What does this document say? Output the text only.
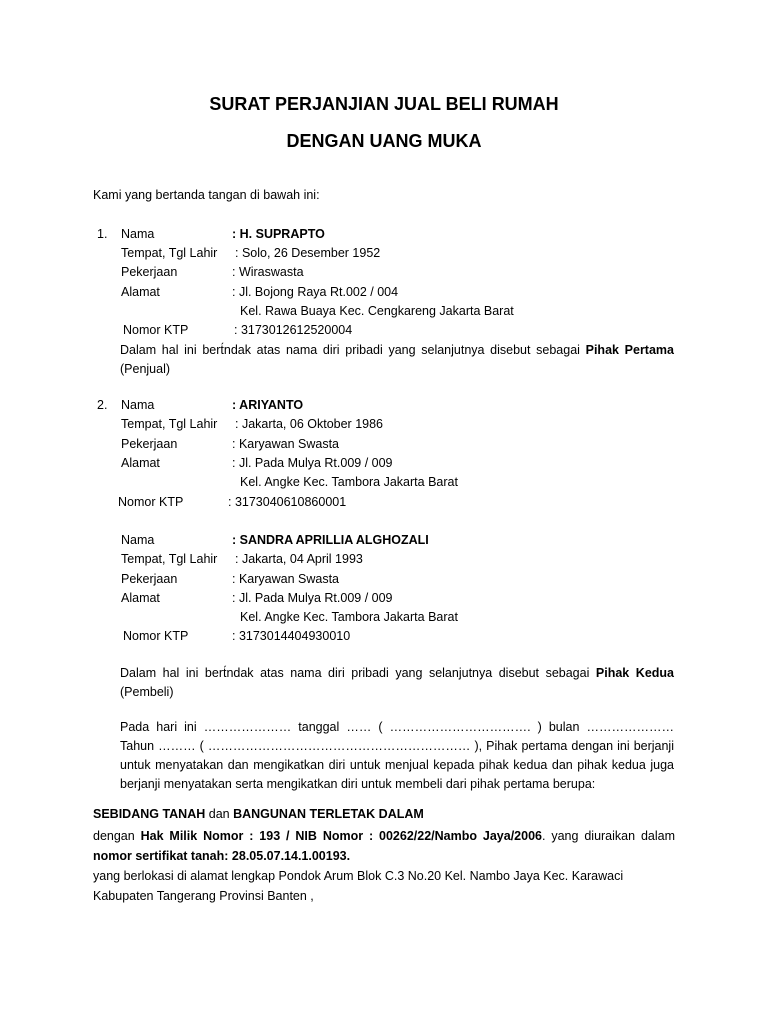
SURAT PERJANJIAN JUAL BELI RUMAH
DENGAN UANG MUKA
Kami yang bertanda tangan di bawah ini:
1. Nama	: H. SUPRAPTO
Tempat, Tgl Lahir : Solo, 26 Desember 1952
Pekerjaan	: Wiraswasta
Alamat	: Jl. Bojong Raya Rt.002 / 004
Kel. Rawa Buaya Kec. Cengkareng Jakarta Barat
Nomor KTP	: 3173012612520004
Dalam hal ini bert́ndak atas nama diri pribadi yang selanjutnya disebut sebagai Pihak Pertama (Penjual)
2. Nama	: ARIYANTO
Tempat, Tgl Lahir : Jakarta, 06 Oktober 1986
Pekerjaan	: Karyawan Swasta
Alamat	: Jl. Pada Mulya Rt.009 / 009
Kel. Angke Kec. Tambora Jakarta Barat
Nomor KTP	: 3173040610860001
Nama	: SANDRA APRILLIA ALGHOZALI
Tempat, Tgl Lahir : Jakarta, 04 April 1993
Pekerjaan	: Karyawan Swasta
Alamat	: Jl. Pada Mulya Rt.009 / 009
Kel. Angke Kec. Tambora Jakarta Barat
Nomor KTP	: 3173014404930010
Dalam hal ini bert́ndak atas nama diri pribadi yang selanjutnya disebut sebagai Pihak Kedua (Pembeli)
Pada hari ini ………………… tanggal …… ( ……………………………. ) bulan ………………… Tahun ……… ( ……………………………………………………… ), Pihak pertama dengan ini berjanji untuk menyatakan dan mengikatkan diri untuk menjual kepada pihak kedua dan pihak kedua juga berjanji menyatakan serta mengikatkan diri untuk membeli dari pihak pertama berupa:
SEBIDANG TANAH dan BANGUNAN TERLETAK DALAM
dengan Hak Milik Nomor : 193 / NIB Nomor : 00262/22/Nambo Jaya/2006. yang diuraikan dalam nomor sertifikat tanah: 28.05.07.14.1.00193.
yang berlokasi di alamat lengkap Pondok Arum Blok C.3 No.20 Kel. Nambo Jaya Kec. Karawaci Kabupaten Tangerang Provinsi Banten ,
